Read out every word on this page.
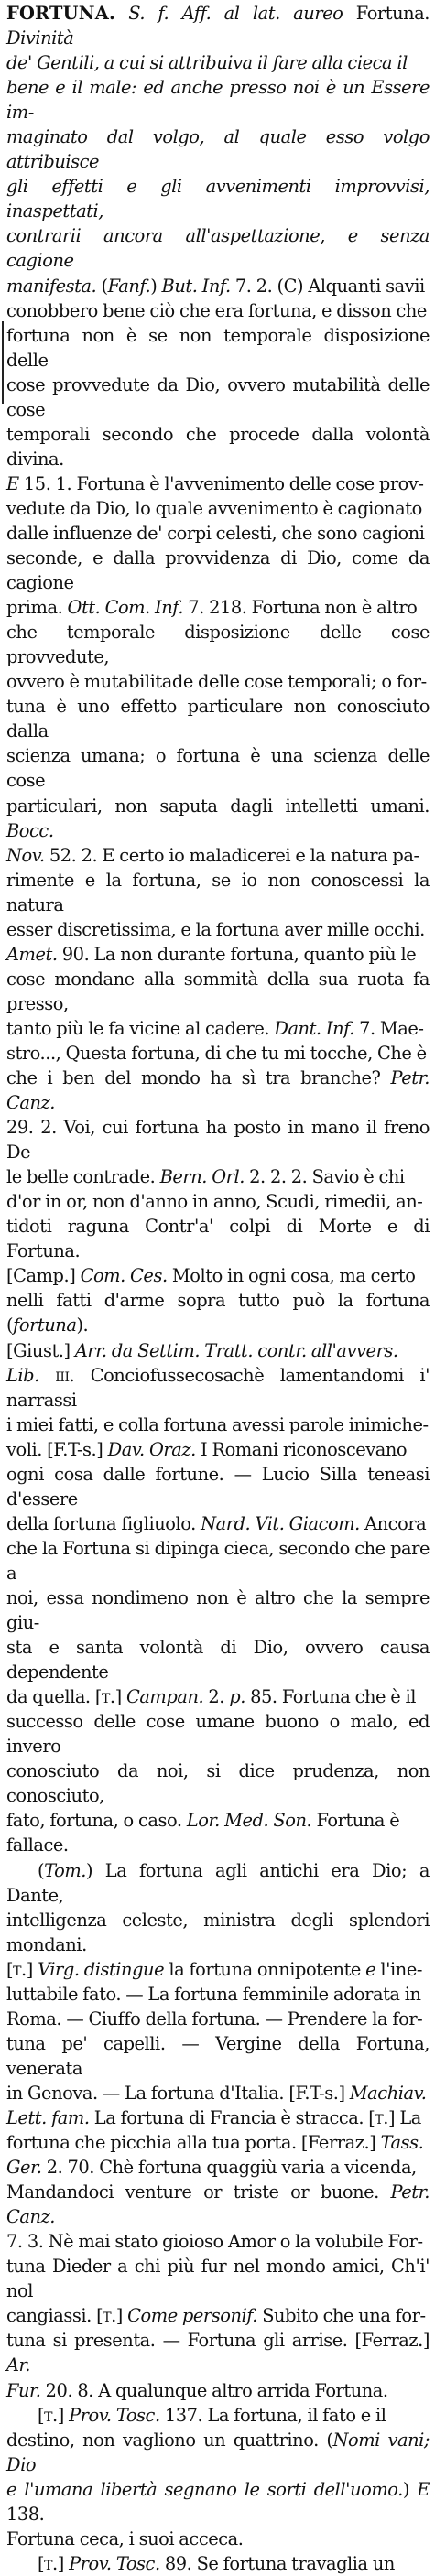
FORTUNA. S. f. Aff. al lat. aureo Fortuna. Divinità
de' Gentili, a cui si attribuiva il fare alla cieca il
bene e il male: ed anche presso noi è un Essere im-
maginato dal volgo, al quale esso volgo attribuisce
gli effetti e gli avvenimenti improvvisi, inaspettati,
contrarii ancora all'aspettazione, e senza cagione
manifesta. (Fanf.) But. Inf. 7. 2. (C) Alquanti savii
conobbero bene ciò che era fortuna, e disson che
fortuna non è se non temporale disposizione delle
cose provvedute da Dio, ovvero mutabilità delle cose
temporali secondo che procede dalla volontà divina.
E 15. 1. Fortuna è l'avvenimento delle cose prov-
vedute da Dio, lo quale avvenimento è cagionato
dalle influenze de' corpi celesti, che sono cagioni
seconde, e dalla provvidenza di Dio, come da cagione
prima. Ott. Com. Inf. 7. 218. Fortuna non è altro
che temporale disposizione delle cose provvedute,
ovvero è mutabilitade delle cose temporali; o for-
tuna è uno effetto particulare non conosciuto dalla
scienza umana; o fortuna è una scienza delle cose
particulari, non saputa dagli intelletti umani. Bocc.
Nov. 52. 2. E certo io maladicerei e la natura pa-
rimente e la fortuna, se io non conoscessi la natura
esser discretissima, e la fortuna aver mille occhi.
Amet. 90. La non durante fortuna, quanto più le
cose mondane alla sommità della sua ruota fa presso,
tanto più le fa vicine al cadere. Dant. Inf. 7. Mae-
stro..., Questa fortuna, di che tu mi tocche, Che è
che i ben del mondo ha sì tra branche? Petr. Canz.
29. 2. Voi, cui fortuna ha posto in mano il freno De
le belle contrade. Bern. Orl. 2. 2. 2. Savio è chi
d'or in or, non d'anno in anno, Scudi, rimedii, an-
tidoti raguna Contr'a' colpi di Morte e di Fortuna.
[Camp.] Com. Ces. Molto in ogni cosa, ma certo
nelli fatti d'arme sopra tutto può la fortuna (fortuna).
[Giust.] Arr. da Settim. Tratt. contr. all'avvers.
Lib. iii. Conciofussecosachè lamentandomi i' narrassi
i miei fatti, e colla fortuna avessi parole inimiche-
voli. [F.T-s.] Dav. Oraz. I Romani riconoscevano
ogni cosa dalle fortune. — Lucio Silla teneasi d'essere
della fortuna figliuolo. Nard. Vit. Giacom. Ancora
che la Fortuna si dipinga cieca, secondo che pare a
noi, essa nondimeno non è altro che la sempre giu-
sta e santa volontà di Dio, ovvero causa dependente
da quella. [t.] Campan. 2. p. 85. Fortuna che è il
successo delle cose umane buono o malo, ed invero
conosciuto da noi, si dice prudenza, non conosciuto,
fato, fortuna, o caso. Lor. Med. Son. Fortuna è
fallace.

(Tom.) La fortuna agli antichi era Dio; a Dante,
intelligenza celeste, ministra degli splendori mondani.
[t.] Virg. distingue la fortuna onnipotente e l'ine-
luttabile fato. — La fortuna femminile adorata in
Roma. — Ciuffo della fortuna. — Prendere la for-
tuna pe' capelli. — Vergine della Fortuna, venerata
in Genova. — La fortuna d'Italia. [F.T-s.] Machiav.
Lett. fam. La fortuna di Francia è stracca. [t.] La
fortuna che picchia alla tua porta. [Ferraz.] Tass.
Ger. 2. 70. Chè fortuna quaggiù varia a vicenda,
Mandandoci venture or triste or buone. Petr. Canz.
7. 3. Nè mai stato gioioso Amor o la volubile For-
tuna Dieder a chi più fur nel mondo amici, Ch'i' nol
cangiassi. [t.] Come personif. Subito che una for-
tuna si presenta. — Fortuna gli arrise. [Ferraz.] Ar.
Fur. 20. 8. A qualunque altro arrida Fortuna.

[t.] Prov. Tosc. 137. La fortuna, il fato e il
destino, non vagliono un quattrino. (Nomi vani; Dio
e l'umana libertà segnano le sorti dell'uomo.) E 138.
Fortuna ceca, i suoi acceca.

[t.] Prov. Tosc. 89. Se fortuna travaglia un
